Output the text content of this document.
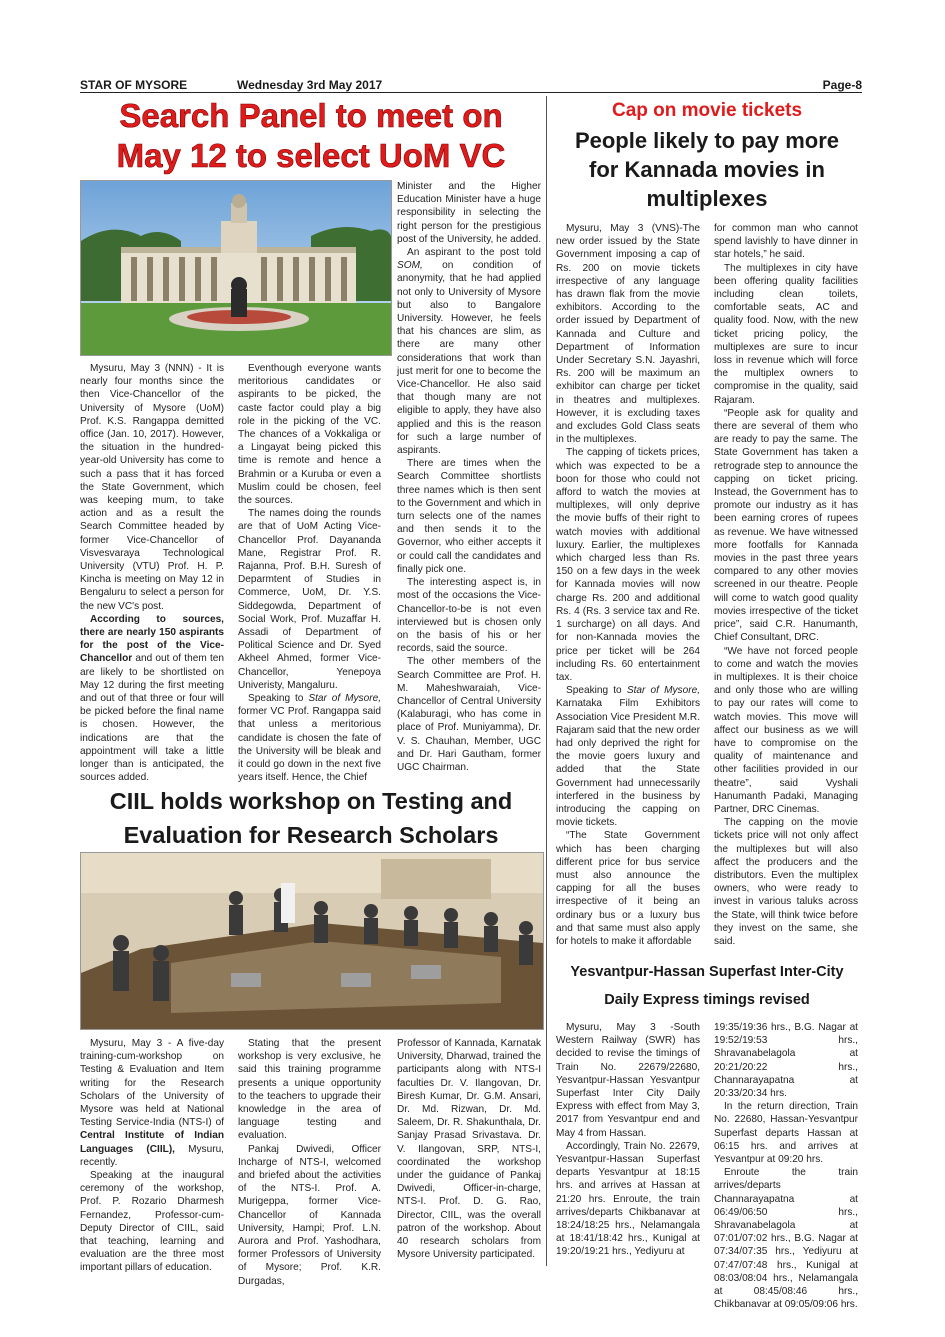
STAR OF MYSORE	Wednesday 3rd May 2017	Page-8
Search Panel to meet on
May 12 to select UoM VC

Mysuru, May 3 (NNN) - It is nearly four months since the then Vice-Chancellor of the University of Mysore (UoM) Prof. K.S. Rangappa demitted office (Jan. 10, 2017). However, the situation in the hundred-year-old University has come to such a pass that it has forced the State Government, which was keeping mum, to take action and as a result the Search Committee headed by former Vice-Chancellor of Visvesvaraya Technological University (VTU) Prof. H. P. Kincha is meeting on May 12 in Bengaluru to select a person for the new VC's post.

According to sources, there are nearly 150 aspirants for the post of the Vice-Chancellor and out of them ten are likely to be shortlisted on May 12 during the first meeting and out of that three or four will be picked before the final name is chosen. However, the indications are that the appointment will take a little longer than is anticipated, the sources added.

Eventhough everyone wants meritorious candidates or aspirants to be picked, the caste factor could play a big role in the picking of the VC. The chances of a Vokkaliga or a Lingayat being picked this time is remote and hence a Brahmin or a Kuruba or even a Muslim could be chosen, feel the sources.

The names doing the rounds are that of UoM Acting Vice-Chancellor Prof. Dayananda Mane, Registrar Prof. R. Rajanna, Prof. B.H. Suresh of Deparmtent of Studies in Commerce, UoM, Dr. Y.S. Siddegowda, Department of Social Work, Prof. Muzaffar H. Assadi of Department of Political Science and Dr. Syed Akheel Ahmed, former Vice-Chancellor, Yenepoya Univeristy, Mangaluru.

Speaking to Star of Mysore, former VC Prof. Rangappa said that unless a meritorious candidate is chosen the fate of the University will be bleak and it could go down in the next five years itself. Hence, the Chief

Minister and the Higher Education Minister have a huge responsibility in selecting the right person for the prestigious post of the University, he added.

An aspirant to the post told SOM, on condition of anonymity, that he had applied not only to University of Mysore but also to Bangalore University. However, he feels that his chances are slim, as there are many other considerations that work than just merit for one to become the Vice-Chancellor. He also said that though many are not eligible to apply, they have also applied and this is the reason for such a large number of aspirants.

There are times when the Search Committee shortlists three names which is then sent to the Government and which in turn selects one of the names and then sends it to the Governor, who either accepts it or could call the candidates and finally pick one.

The interesting aspect is, in most of the occasions the Vice-Chancellor-to-be is not even interviewed but is chosen only on the basis of his or her records, said the source.

The other members of the Search Committee are Prof. H. M. Maheshwaraiah, Vice-Chancellor of Central University (Kalaburagi, who has come in place of Prof. Muniyamma), Dr. V. S. Chauhan, Member, UGC and Dr. Hari Gautham, former UGC Chairman.

CIIL holds workshop on Testing and
Evaluation for Research Scholars

Mysuru, May 3 - A five-day training-cum-workshop on Testing & Evaluation and Item writing for the Research Scholars of the University of Mysore was held at National Testing Service-India (NTS-I) of Central Institute of Indian Languages (CIIL), Mysuru, recently.

Speaking at the inaugural ceremony of the workshop, Prof. P. Rozario Dharmesh Fernandez, Professor-cum-Deputy Director of CIIL, said that teaching, learning and evaluation are the three most important pillars of education.

Stating that the present workshop is very exclusive, he said this training programme presents a unique opportunity to the teachers to upgrade their knowledge in the area of language testing and evaluation.

Pankaj Dwivedi, Officer Incharge of NTS-I, welcomed and briefed about the activities of the NTS-I. Prof. A. Murigeppa, former Vice-Chancellor of Kannada University, Hampi; Prof. L.N. Aurora and Prof. Yashodhara, former Professors of University of Mysore; Prof. K.R. Durgadas,

Professor of Kannada, Karnatak University, Dharwad, trained the participants along with NTS-I faculties Dr. V. Ilangovan, Dr. Biresh Kumar, Dr. G.M. Ansari, Dr. Md. Rizwan, Dr. Md. Saleem, Dr. R. Shakunthala, Dr. Sanjay Prasad Srivastava. Dr. V. Ilangovan, SRP, NTS-I, coordinated the workshop under the guidance of Pankaj Dwivedi, Officer-in-charge, NTS-I. Prof. D. G. Rao, Director, CIIL, was the overall patron of the workshop. About 40 research scholars from Mysore University participated.

Cap on movie tickets
People likely to pay more
for Kannada movies in
multiplexes

Mysuru, May 3 (VNS)-The new order issued by the State Government imposing a cap of Rs. 200 on movie tickets irrespective of any language has drawn flak from the movie exhibitors. According to the order issued by Department of Kannada and Culture and Department of Information Under Secretary S.N. Jayashri, Rs. 200 will be maximum an exhibitor can charge per ticket in theatres and multiplexes. However, it is excluding taxes and excludes Gold Class seats in the multiplexes.

The capping of tickets prices, which was expected to be a boon for those who could not afford to watch the movies at multiplexes, will only deprive the movie buffs of their right to watch movies with additional luxury. Earlier, the multiplexes which charged less than Rs. 150 on a few days in the week for Kannada movies will now charge Rs. 200 and additional Rs. 4 (Rs. 3 service tax and Re. 1 surcharge) on all days. And for non-Kannada movies the price per ticket will be 264 including Rs. 60 entertainment tax.

Speaking to Star of Mysore, Karnataka Film Exhibitors Association Vice President M.R. Rajaram said that the new order had only deprived the right for the movie goers luxury and added that the State Government had unnecessarily interfered in the business by introducing the capping on movie tickets.

“The State Government which has been charging different price for bus service must also announce the capping for all the buses irrespective of it being an ordinary bus or a luxury bus and that same must also apply for hotels to make it affordable

for common man who cannot spend lavishly to have dinner in star hotels,” he said.

The multiplexes in city have been offering quality facilities including clean toilets, comfortable seats, AC and quality food. Now, with the new ticket pricing policy, the multiplexes are sure to incur loss in revenue which will force the multiplex owners to compromise in the quality, said Rajaram.

“People ask for quality and there are several of them who are ready to pay the same. The State Government has taken a retrograde step to announce the capping on ticket pricing. Instead, the Government has to promote our industry as it has been earning crores of rupees as revenue. We have witnessed more footfalls for Kannada movies in the past three years compared to any other movies screened in our theatre. People will come to watch good quality movies irrespective of the ticket price”, said C.R. Hanumanth, Chief Consultant, DRC.

“We have not forced people to come and watch the movies in multiplexes. It is their choice and only those who are willing to pay our rates will come to watch movies. This move will affect our business as we will have to compromise on the quality of maintenance and other facilities provided in our theatre”, said Vyshali Hanumanth Padaki, Managing Partner, DRC Cinemas.

The capping on the movie tickets price will not only affect the multiplexes but will also affect the producers and the distributors. Even the multiplex owners, who were ready to invest in various taluks across the State, will think twice before they invest on the same, she said.

Yesvantpur-Hassan Superfast Inter-City
Daily Express timings revised

Mysuru, May 3 -South Western Railway (SWR) has decided to revise the timings of Train No. 22679/22680, Yesvantpur-Hassan Yesvantpur Superfast Inter City Daily Express with effect from May 3, 2017 from Yesvantpur end and May 4 from Hassan.

Accordingly, Train No. 22679, Yesvantpur-Hassan Superfast departs Yesvantpur at 18:15 hrs. and arrives at Hassan at 21:20 hrs. Enroute, the train arrives/departs Chikbanavar at 18:24/18:25 hrs., Nelamangala at 18:41/18:42 hrs., Kunigal at 19:20/19:21 hrs., Yediyuru at

19:35/19:36 hrs., B.G. Nagar at 19:52/19:53 hrs., Shravanabelagola at 20:21/20:22 hrs., Channarayapatna at 20:33/20:34 hrs.

In the return direction, Train No. 22680, Hassan-Yesvantpur Superfast departs Hassan at 06:15 hrs. and arrives at Yesvantpur at 09:20 hrs.

Enroute the train arrives/departs Channarayapatna at 06:49/06:50 hrs., Shravanabelagola at 07:01/07:02 hrs., B.G. Nagar at 07:34/07:35 hrs., Yediyuru at 07:47/07:48 hrs., Kunigal at 08:03/08:04 hrs., Nelamangala at 08:45/08:46 hrs., Chikbanavar at 09:05/09:06 hrs.
